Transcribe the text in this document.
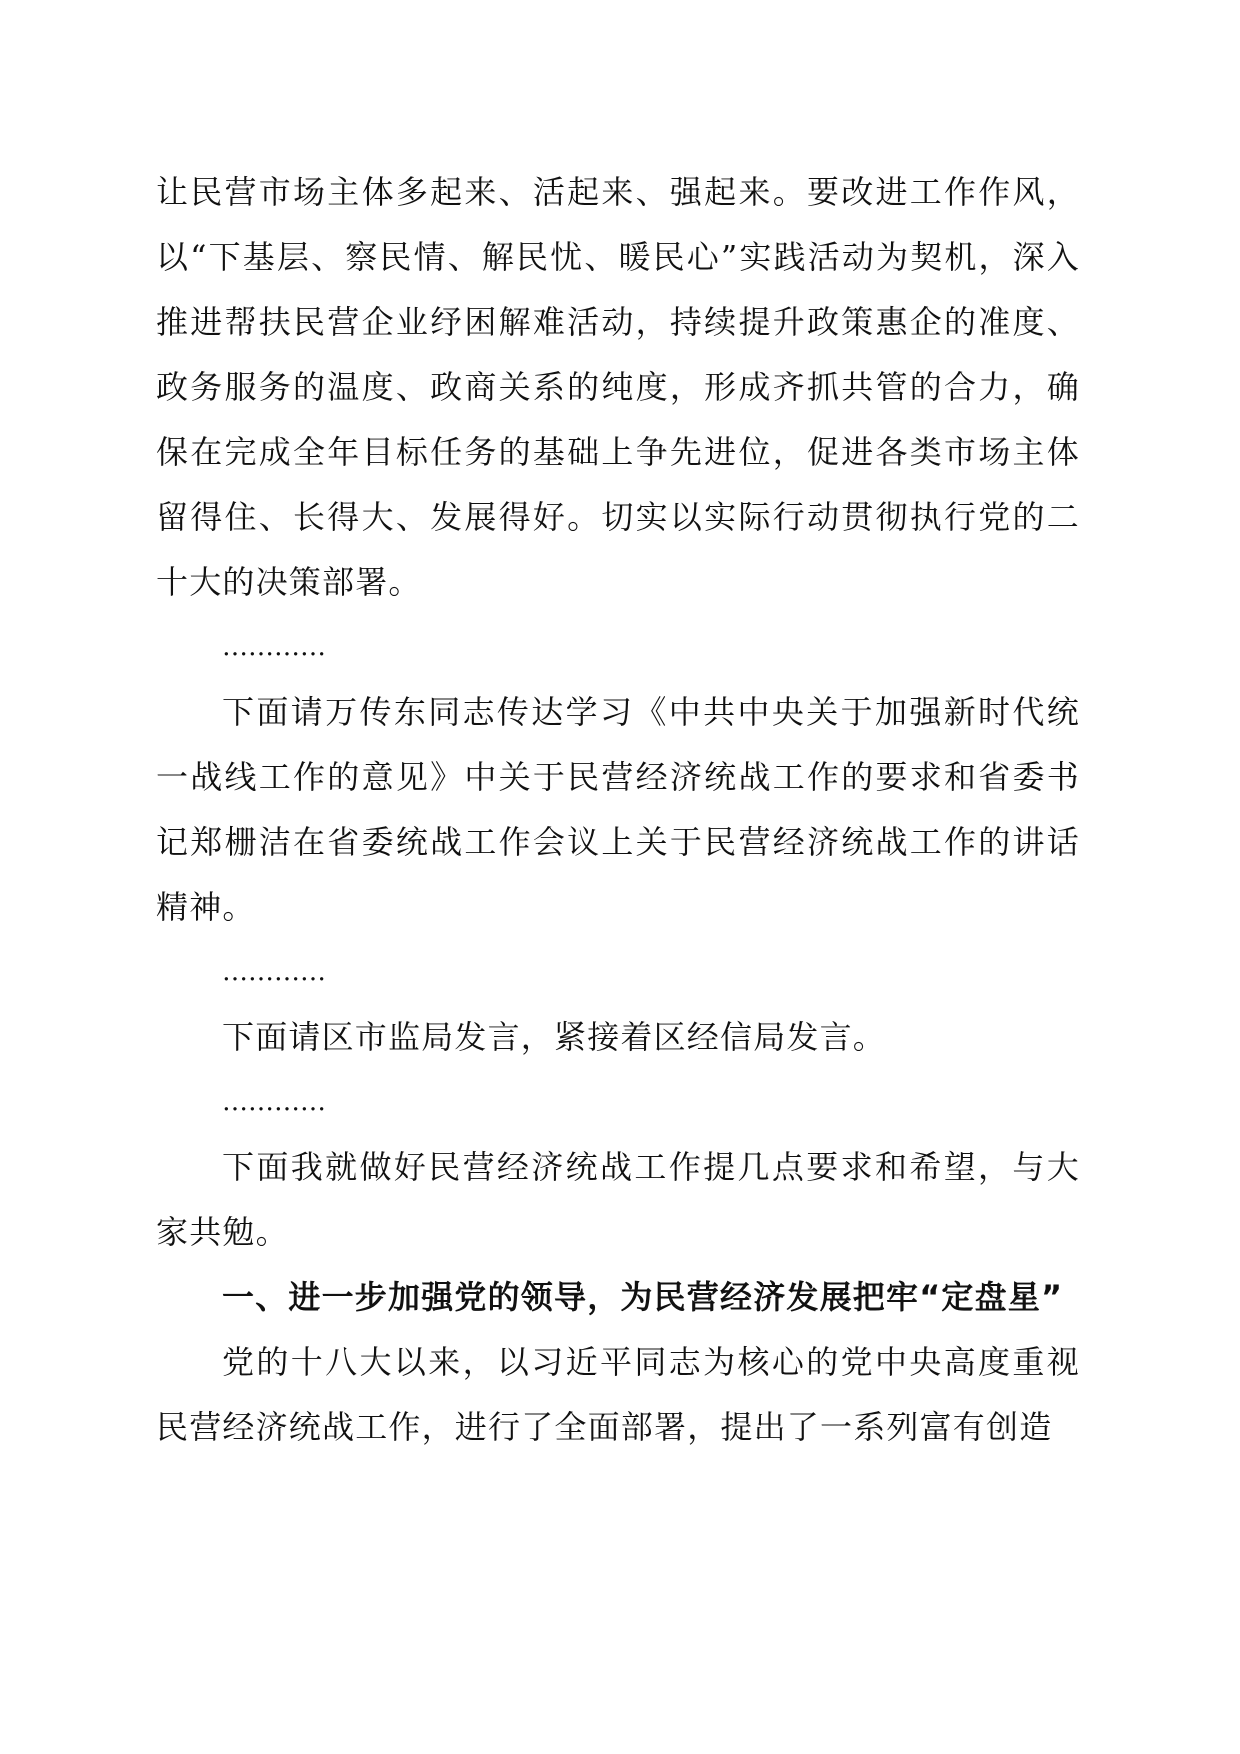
让民营市场主体多起来、活起来、强起来。要改进工作作风，以“下基层、察民情、解民忧、暖民心”实践活动为契机，深入推进帮扶民营企业纾困解难活动，持续提升政策惠企的准度、政务服务的温度、政商关系的纯度，形成齐抓共管的合力，确保在完成全年目标任务的基础上争先进位，促进各类市场主体留得住、长得大、发展得好。切实以实际行动贯彻执行党的二十大的决策部署。

…………

下面请万传东同志传达学习《中共中央关于加强新时代统一战线工作的意见》中关于民营经济统战工作的要求和省委书记郑栅洁在省委统战工作会议上关于民营经济统战工作的讲话精神。

…………

下面请区市监局发言，紧接着区经信局发言。

…………

下面我就做好民营经济统战工作提几点要求和希望，与大家共勉。

一、进一步加强党的领导，为民营经济发展把牢“定盘星”

党的十八大以来，以习近平同志为核心的党中央高度重视民营经济统战工作，进行了全面部署，提出了一系列富有创造
